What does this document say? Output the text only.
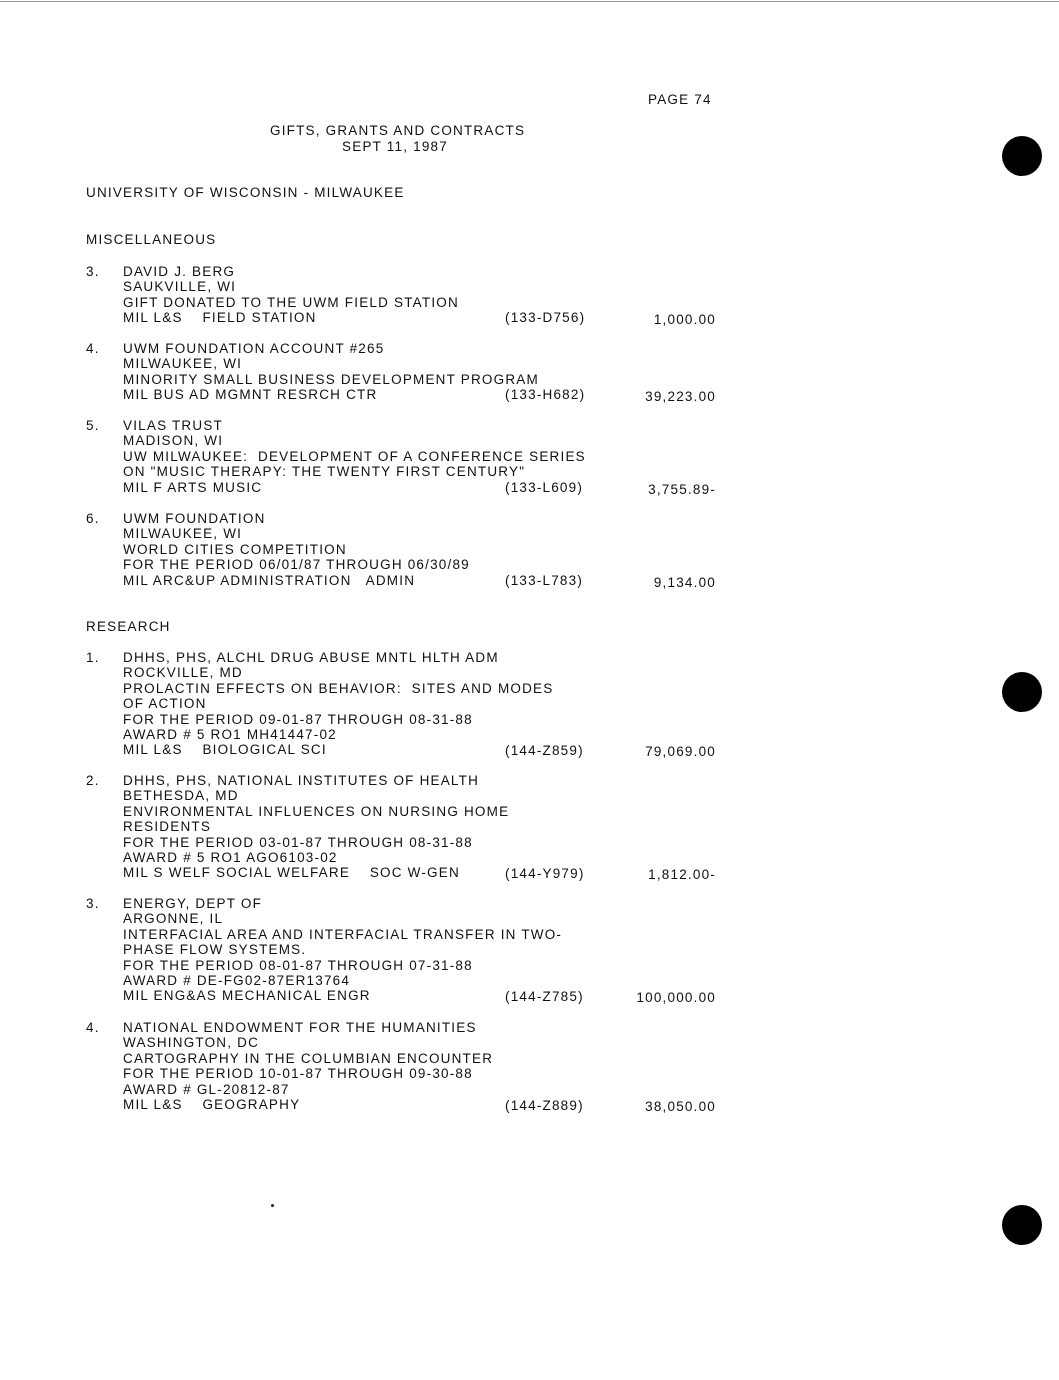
PAGE 74
GIFTS, GRANTS AND CONTRACTS
SEPT 11, 1987
UNIVERSITY OF WISCONSIN - MILWAUKEE
MISCELLANEOUS
3.	DAVID J. BERG
SAUKVILLE, WI
GIFT DONATED TO THE UWM FIELD STATION
MIL L&S    FIELD STATION	(133-D756)	1,000.00
4.	UWM FOUNDATION ACCOUNT #265
MILWAUKEE, WI
MINORITY SMALL BUSINESS DEVELOPMENT PROGRAM
MIL BUS AD MGMNT RESRCH CTR	(133-H682)	39,223.00
5.	VILAS TRUST
MADISON, WI
UW MILWAUKEE:  DEVELOPMENT OF A CONFERENCE SERIES
ON "MUSIC THERAPY: THE TWENTY FIRST CENTURY"
MIL F ARTS MUSIC	(133-L609)	3,755.89-
6.	UWM FOUNDATION
MILWAUKEE, WI
WORLD CITIES COMPETITION
FOR THE PERIOD 06/01/87 THROUGH 06/30/89
MIL ARC&UP ADMINISTRATION   ADMIN	(133-L783)	9,134.00
RESEARCH
1.	DHHS, PHS, ALCHL DRUG ABUSE MNTL HLTH ADM
ROCKVILLE, MD
PROLACTIN EFFECTS ON BEHAVIOR:  SITES AND MODES
OF ACTION
FOR THE PERIOD 09-01-87 THROUGH 08-31-88
AWARD # 5 RO1 MH41447-02
MIL L&S    BIOLOGICAL SCI	(144-Z859)	79,069.00
2.	DHHS, PHS, NATIONAL INSTITUTES OF HEALTH
BETHESDA, MD
ENVIRONMENTAL INFLUENCES ON NURSING HOME
RESIDENTS
FOR THE PERIOD 03-01-87 THROUGH 08-31-88
AWARD # 5 RO1 AGO6103-02
MIL S WELF SOCIAL WELFARE    SOC W-GEN	(144-Y979)	1,812.00-
3.	ENERGY, DEPT OF
ARGONNE, IL
INTERFACIAL AREA AND INTERFACIAL TRANSFER IN TWO-
PHASE FLOW SYSTEMS.
FOR THE PERIOD 08-01-87 THROUGH 07-31-88
AWARD # DE-FG02-87ER13764
MIL ENG&AS MECHANICAL ENGR	(144-Z785)	100,000.00
4.	NATIONAL ENDOWMENT FOR THE HUMANITIES
WASHINGTON, DC
CARTOGRAPHY IN THE COLUMBIAN ENCOUNTER
FOR THE PERIOD 10-01-87 THROUGH 09-30-88
AWARD # GL-20812-87
MIL L&S    GEOGRAPHY	(144-Z889)	38,050.00
